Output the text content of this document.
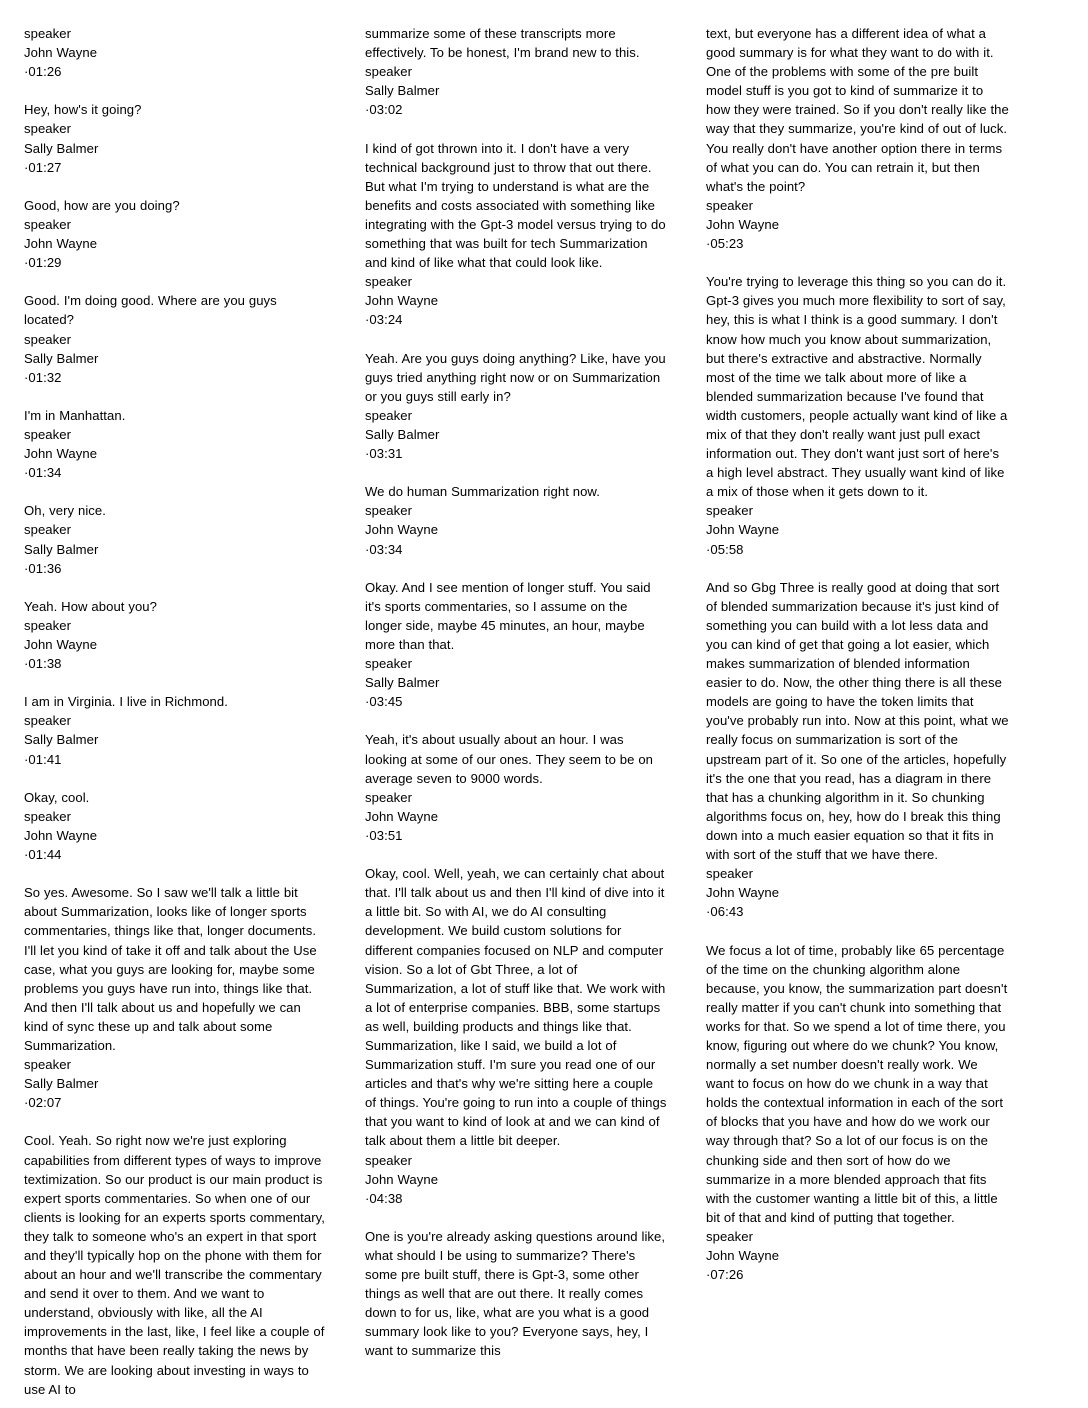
speaker
John Wayne
·01:26

Hey, how's it going?

speaker
Sally Balmer
·01:27

Good, how are you doing?

speaker
John Wayne
·01:29

Good. I'm doing good. Where are you guys located?

speaker
Sally Balmer
·01:32

I'm in Manhattan.

speaker
John Wayne
·01:34

Oh, very nice.

speaker
Sally Balmer
·01:36

Yeah. How about you?

speaker
John Wayne
·01:38

I am in Virginia. I live in Richmond.

speaker
Sally Balmer
·01:41

Okay, cool.

speaker
John Wayne
·01:44

So yes. Awesome. So I saw we'll talk a little bit about Summarization, looks like of longer sports commentaries, things like that, longer documents. I'll let you kind of take it off and talk about the Use case, what you guys are looking for, maybe some problems you guys have run into, things like that. And then I'll talk about us and hopefully we can kind of sync these up and talk about some Summarization.

speaker
Sally Balmer
·02:07

Cool. Yeah. So right now we're just exploring capabilities from different types of ways to improve textimization. So our product is our main product is expert sports commentaries. So when one of our clients is looking for an experts sports commentary, they talk to someone who's an expert in that sport and they'll typically hop on the phone with them for about an hour and we'll transcribe the commentary and send it over to them. And we want to understand, obviously with like, all the AI improvements in the last, like, I feel like a couple of months that have been really taking the news by storm. We are looking about investing in ways to use AI to

summarize some of these transcripts more effectively. To be honest, I'm brand new to this.

speaker
Sally Balmer
·03:02

I kind of got thrown into it. I don't have a very technical background just to throw that out there. But what I'm trying to understand is what are the benefits and costs associated with something like integrating with the Gpt-3 model versus trying to do something that was built for tech Summarization and kind of like what that could look like.

speaker
John Wayne
·03:24

Yeah. Are you guys doing anything? Like, have you guys tried anything right now or on Summarization or you guys still early in?

speaker
Sally Balmer
·03:31

We do human Summarization right now.

speaker
John Wayne
·03:34

Okay. And I see mention of longer stuff. You said it's sports commentaries, so I assume on the longer side, maybe 45 minutes, an hour, maybe more than that.

speaker
Sally Balmer
·03:45

Yeah, it's about usually about an hour. I was looking at some of our ones. They seem to be on average seven to 9000 words.

speaker
John Wayne
·03:51

Okay, cool. Well, yeah, we can certainly chat about that. I'll talk about us and then I'll kind of dive into it a little bit. So with AI, we do AI consulting development. We build custom solutions for different companies focused on NLP and computer vision. So a lot of Gbt Three, a lot of Summarization, a lot of stuff like that. We work with a lot of enterprise companies. BBB, some startups as well, building products and things like that. Summarization, like I said, we build a lot of Summarization stuff. I'm sure you read one of our articles and that's why we're sitting here a couple of things. You're going to run into a couple of things that you want to kind of look at and we can kind of talk about them a little bit deeper.

speaker
John Wayne
·04:38

One is you're already asking questions around like, what should I be using to summarize? There's some pre built stuff, there is Gpt-3, some other things as well that are out there. It really comes down to for us, like, what are you what is a good summary look like to you? Everyone says, hey, I want to summarize this

text, but everyone has a different idea of what a good summary is for what they want to do with it. One of the problems with some of the pre built model stuff is you got to kind of summarize it to how they were trained. So if you don't really like the way that they summarize, you're kind of out of luck. You really don't have another option there in terms of what you can do. You can retrain it, but then what's the point?

speaker
John Wayne
·05:23

You're trying to leverage this thing so you can do it. Gpt-3 gives you much more flexibility to sort of say, hey, this is what I think is a good summary. I don't know how much you know about summarization, but there's extractive and abstractive. Normally most of the time we talk about more of like a blended summarization because I've found that width customers, people actually want kind of like a mix of that they don't really want just pull exact information out. They don't want just sort of here's a high level abstract. They usually want kind of like a mix of those when it gets down to it.

speaker
John Wayne
·05:58

And so Gbg Three is really good at doing that sort of blended summarization because it's just kind of something you can build with a lot less data and you can kind of get that going a lot easier, which makes summarization of blended information easier to do. Now, the other thing there is all these models are going to have the token limits that you've probably run into. Now at this point, what we really focus on summarization is sort of the upstream part of it. So one of the articles, hopefully it's the one that you read, has a diagram in there that has a chunking algorithm in it. So chunking algorithms focus on, hey, how do I break this thing down into a much easier equation so that it fits in with sort of the stuff that we have there.

speaker
John Wayne
·06:43

We focus a lot of time, probably like 65 percentage of the time on the chunking algorithm alone because, you know, the summarization part doesn't really matter if you can't chunk into something that works for that. So we spend a lot of time there, you know, figuring out where do we chunk? You know, normally a set number doesn't really work. We want to focus on how do we chunk in a way that holds the contextual information in each of the sort of blocks that you have and how do we work our way through that? So a lot of our focus is on the chunking side and then sort of how do we summarize in a more blended approach that fits with the customer wanting a little bit of this, a little bit of that and kind of putting that together.

speaker
John Wayne
·07:26
